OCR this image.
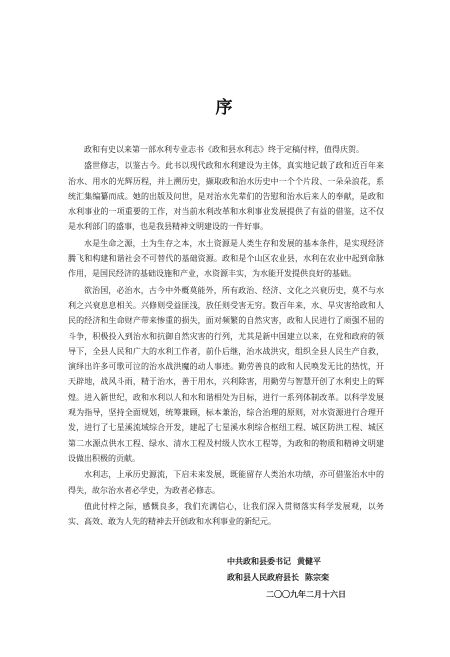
序

政和有史以来第一部水利专业志书《政和县水利志》终于定稿付梓，值得庆贺。

盛世修志，以鉴古今。此书以现代政和水利建设为主体，真实地记载了政和近百年来治水、用水的光辉历程，并上溯历史，撷取政和治水历史中一个个片段、一朵朵浪花，系统汇集编纂而成。她的出版及问世，是对治水先辈们的告慰和治水后来人的奉献，是政和水利事业的一项重要的工作，对当前水利改革和水利事业发展提供了有益的借鉴，这不仅是水利部门的盛事，也是我县精神文明建设的一件好事。

水是生命之源，土为生存之本，水土资源是人类生存和发展的基本条件，是实现经济腾飞和构建和谐社会不可替代的基础资源。政和是个山区农业县，水利在农业中起到命脉作用，是国民经济的基础设施和产业，水资源丰实，为水能开发提供良好的基础。

欲治国，必治水，古今中外概莫能外，所有政治、经济、文化之兴衰历史，莫不与水利之兴衰息息相关。兴修则受益匪浅，放任则受害无穷。数百年来，水、旱灾害给政和人民的经济和生命财产带来惨重的损失，面对频繁的自然灾害，政和人民进行了顽强不屈的斗争，积极投入到治水和抗御自然灾害的行列，尤其是新中国建立以来，在党和政府的领导下，全县人民和广大的水利工作者，前仆后继，治水战洪灾，组织全县人民生产自救，演绎出许多可歌可泣的治水战洪魔的动人事迹。勤劳善良的政和人民唤发无比的热忱，开天辟地，战风斗雨，精于治水，善于用水，兴利除害，用勤劳与智慧开创了水利史上的辉煌。进入新世纪，政和水利以人和水和谐相处为目标，进行一系列体制改革。以科学发展观为指导，坚持全面规划，统筹兼顾，标本兼治，综合治理的原则，对水资源进行合理开发，进行了七星溪流域综合开发，建起了七星溪水利综合枢纽工程、城区防洪工程、城区第二水源点供水工程、绿水、清水工程及村级人饮水工程等，为政和的物质和精神文明建设做出积极的贡献。

水利志，上承历史源流，下启未来发展，既能留存人类治水功绩，亦可借鉴治水中的得失，故尔治水者必学史，为政者必修志。

值此付梓之际，感慨良多，我们充满信心，让我们深入贯彻落实科学发展观，以务实、高效、敢为人先的精神去开创政和水利事业的新纪元。

中共政和县委书记 黄健平
政和县人民政府县长 陈宗栾
二〇〇九年二月十六日
